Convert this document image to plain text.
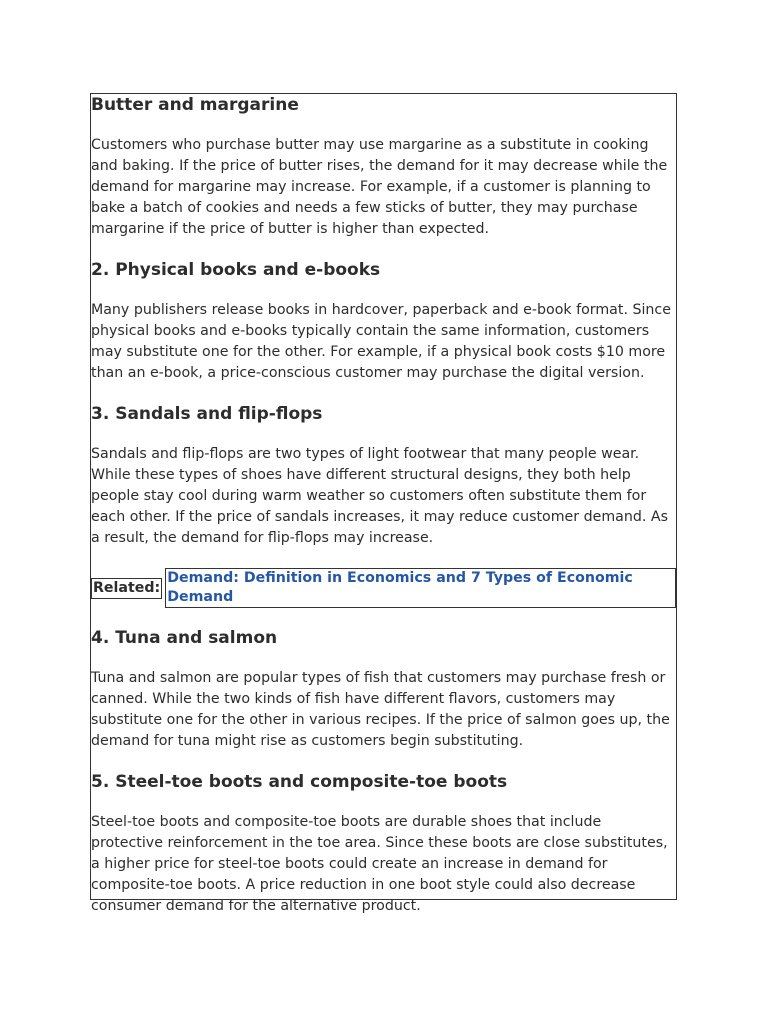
Butter and margarine

Customers who purchase butter may use margarine as a substitute in cooking and baking. If the price of butter rises, the demand for it may decrease while the demand for margarine may increase. For example, if a customer is planning to bake a batch of cookies and needs a few sticks of butter, they may purchase margarine if the price of butter is higher than expected.

2. Physical books and e-books

Many publishers release books in hardcover, paperback and e-book format. Since physical books and e-books typically contain the same information, customers may substitute one for the other. For example, if a physical book costs $10 more than an e-book, a price-conscious customer may purchase the digital version.

3. Sandals and flip-flops

Sandals and flip-flops are two types of light footwear that many people wear. While these types of shoes have different structural designs, they both help people stay cool during warm weather so customers often substitute them for each other. If the price of sandals increases, it may reduce customer demand. As a result, the demand for flip-flops may increase.

Related:
Demand: Definition in Economics and 7 Types of Economic Demand
4. Tuna and salmon

Tuna and salmon are popular types of fish that customers may purchase fresh or canned. While the two kinds of fish have different flavors, customers may substitute one for the other in various recipes. If the price of salmon goes up, the demand for tuna might rise as customers begin substituting.

5. Steel-toe boots and composite-toe boots

Steel-toe boots and composite-toe boots are durable shoes that include protective reinforcement in the toe area. Since these boots are close substitutes, a higher price for steel-toe boots could create an increase in demand for composite-toe boots. A price reduction in one boot style could also decrease consumer demand for the alternative product.
